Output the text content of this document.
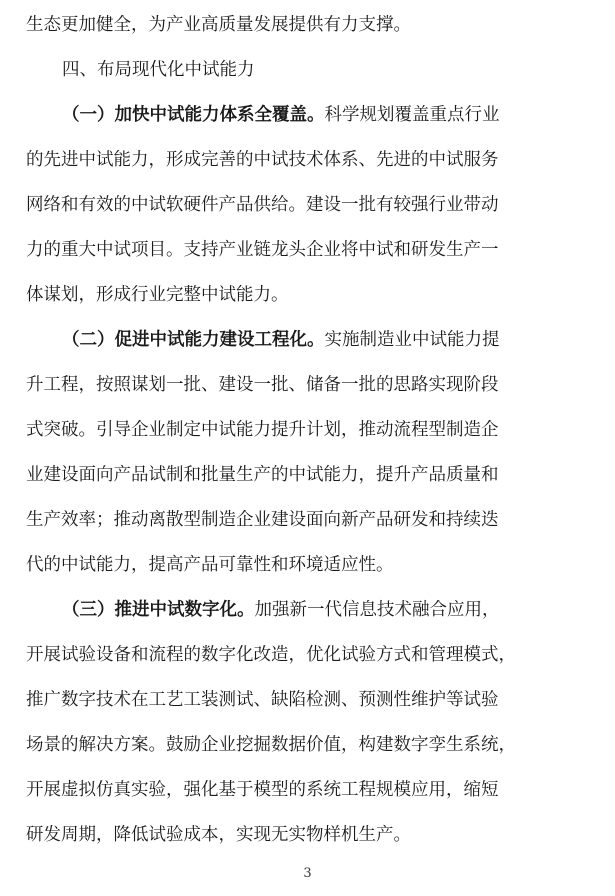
生态更加健全，为产业高质量发展提供有力支撑。
四、布局现代化中试能力
（一）加快中试能力体系全覆盖。科学规划覆盖重点行业
的先进中试能力，形成完善的中试技术体系、先进的中试服务
网络和有效的中试软硬件产品供给。建设一批有较强行业带动
力的重大中试项目。支持产业链龙头企业将中试和研发生产一
体谋划，形成行业完整中试能力。
（二）促进中试能力建设工程化。实施制造业中试能力提
升工程，按照谋划一批、建设一批、储备一批的思路实现阶段
式突破。引导企业制定中试能力提升计划，推动流程型制造企
业建设面向产品试制和批量生产的中试能力，提升产品质量和
生产效率；推动离散型制造企业建设面向新产品研发和持续迭
代的中试能力，提高产品可靠性和环境适应性。
（三）推进中试数字化。加强新一代信息技术融合应用，
开展试验设备和流程的数字化改造，优化试验方式和管理模式，
推广数字技术在工艺工装测试、缺陷检测、预测性维护等试验
场景的解决方案。鼓励企业挖掘数据价值，构建数字孪生系统，
开展虚拟仿真实验，强化基于模型的系统工程规模应用，缩短
研发周期，降低试验成本，实现无实物样机生产。
3
